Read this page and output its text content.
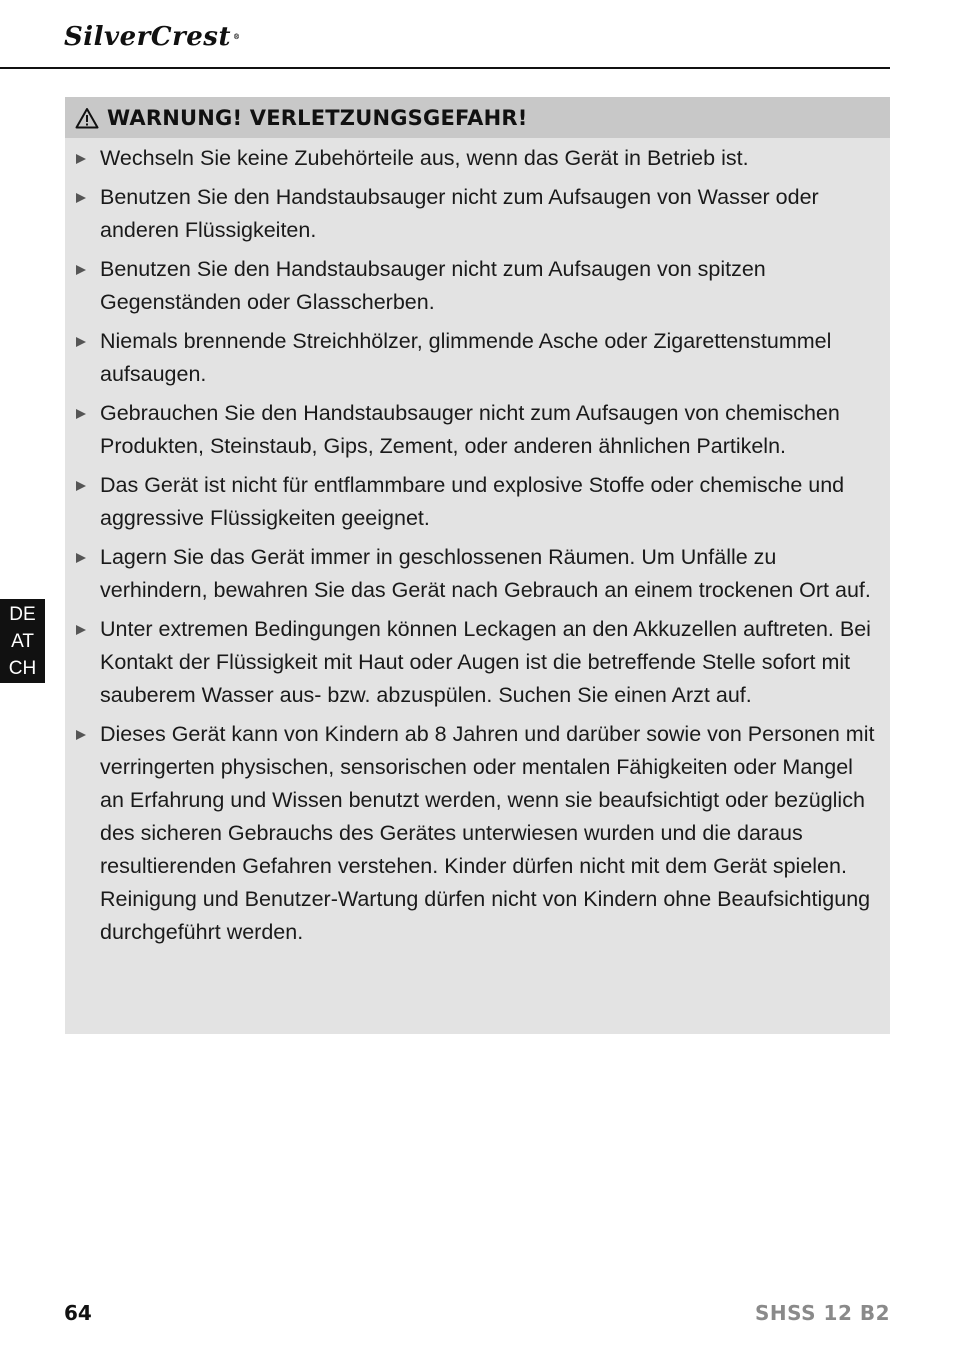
SilverCrest ®
WARNUNG! VERLETZUNGSGEFAHR!
Wechseln Sie keine Zubehörteile aus, wenn das Gerät in Betrieb ist.
Benutzen Sie den Handstaubsauger nicht zum Aufsaugen von Wasser oder anderen Flüssigkeiten.
Benutzen Sie den Handstaubsauger nicht zum Aufsaugen von spitzen Gegenständen oder Glasscherben.
Niemals brennende Streichhölzer, glimmende Asche oder Zigarettenstummel aufsaugen.
Gebrauchen Sie den Handstaubsauger nicht zum Aufsaugen von chemischen Produkten, Steinstaub, Gips, Zement, oder anderen ähnlichen Partikeln.
Das Gerät ist nicht für entflammbare und explosive Stoffe oder chemische und aggressive Flüssigkeiten geeignet.
Lagern Sie das Gerät immer in geschlossenen Räumen. Um Unfälle zu verhindern, bewahren Sie das Gerät nach Gebrauch an einem trockenen Ort auf.
Unter extremen Bedingungen können Leckagen an den Akkuzellen auftreten. Bei Kontakt der Flüssigkeit mit Haut oder Augen ist die betreffende Stelle sofort mit sauberem Wasser aus- bzw. abzuspülen. Suchen Sie einen Arzt auf.
Dieses Gerät kann von Kindern ab 8 Jahren und darüber sowie von Personen mit verringerten physischen, sensorischen oder mentalen Fähigkeiten oder Mangel an Erfahrung und Wissen benutzt werden, wenn sie beaufsichtigt oder bezüglich des sicheren Gebrauchs des Gerätes unterwiesen wurden und die daraus resultierenden Gefahren verstehen. Kinder dürfen nicht mit dem Gerät spielen. Reinigung und Benutzer-Wartung dürfen nicht von Kindern ohne Beaufsichtigung durchgeführt werden.
DE
AT
CH
64	SHSS 12 B2
